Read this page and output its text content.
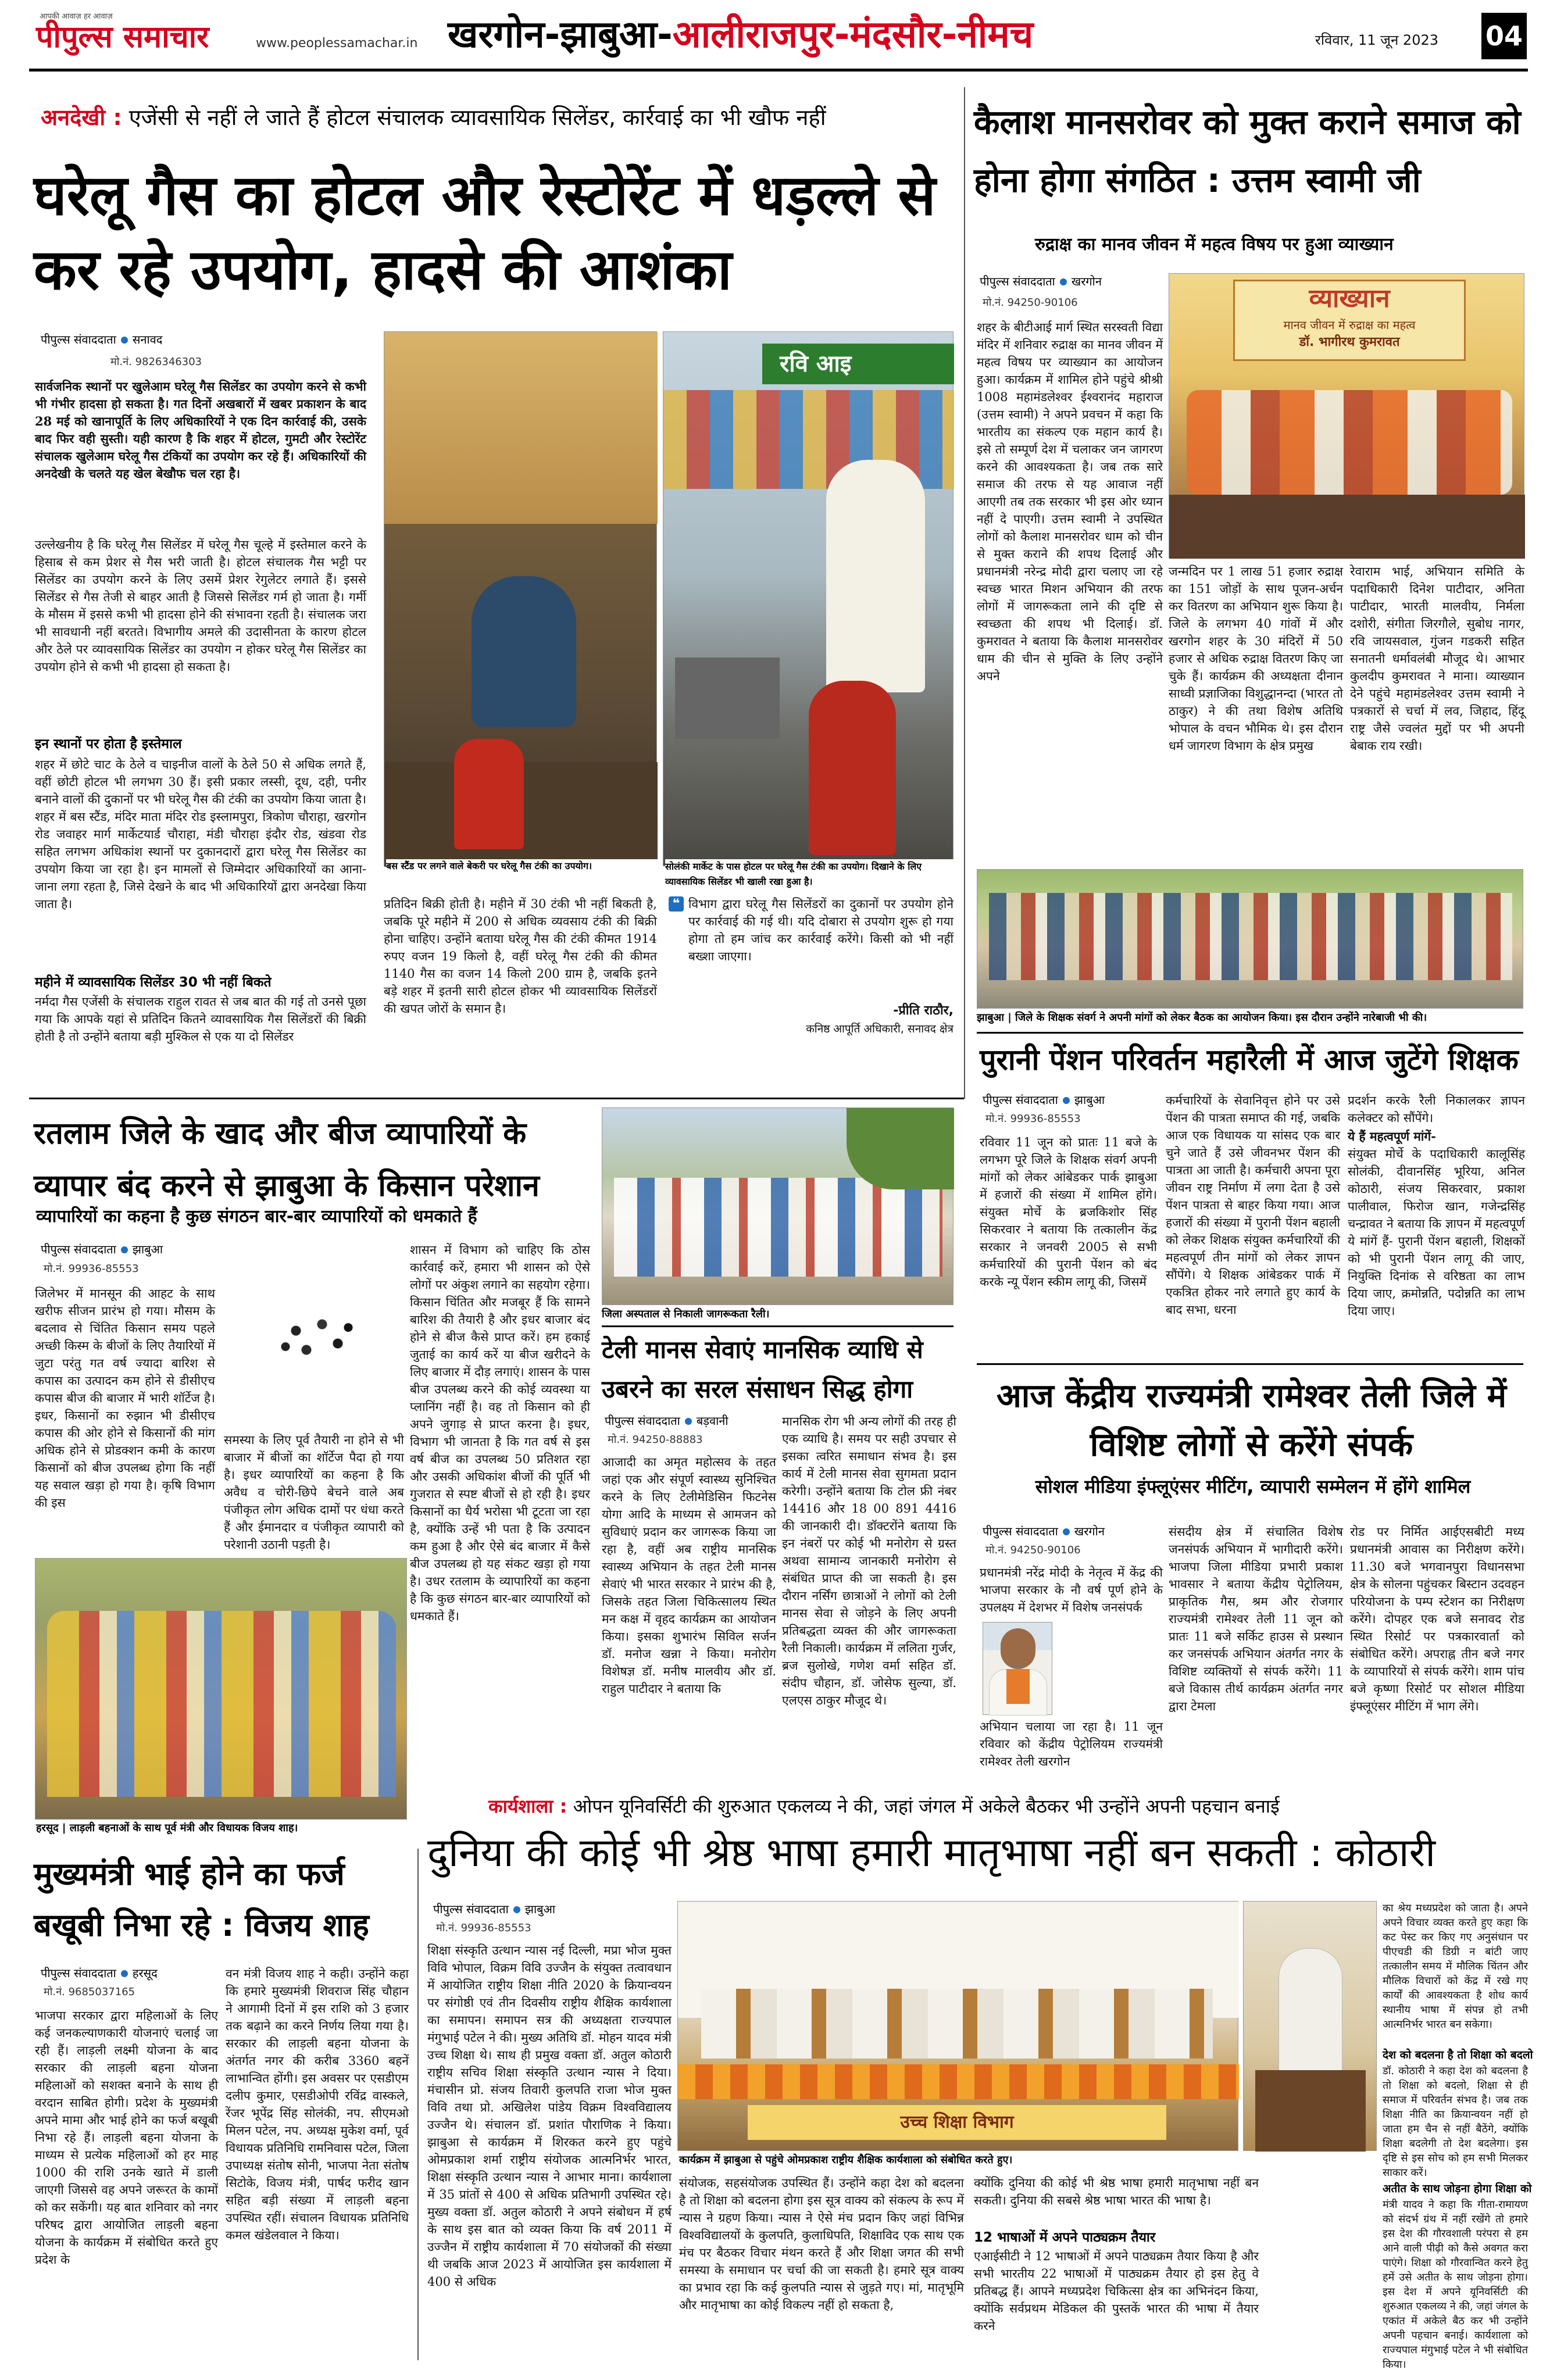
आपकी आवाज़ हर आवाज़
पीपुल्स समाचार	www.peoplessamachar.in खरगोन-झाबुआ-आलीराजपुर-मंदसौर-नीमच	रविवार, 11 जून 2023 04
अनदेखी : एजेंसी से नहीं ले जाते हैं होटल संचालक व्यावसायिक सिलेंडर, कार्रवाई का भी खौफ नहीं
घरेलू गैस का होटल और रेस्टोरेंट में धड़ल्ले से कर रहे उपयोग, हादसे की आशंका
पीपुल्स संवाददाता सनावद
मो.नं. 9826346303
सार्वजनिक स्थानों पर खुलेआम घरेलू गैस सिलेंडर का उपयोग करने से कभी भी गंभीर हादसा हो सकता है। गत दिनों अखबारों में खबर प्रकाशन के बाद 28 मई को खानापूर्ति के लिए अधिकारियों ने एक दिन कार्रवाई की, उसके बाद फिर वही सुस्ती। यही कारण है कि शहर में होटल, गुमटी और रेस्टोरेंट संचालक खुलेआम घरेलू गैस टंकियों का उपयोग कर रहे हैं। अधिकारियों की अनदेखी के चलते यह खेल बेखौफ चल रहा है।
उल्लेखनीय है कि घरेलू गैस सिलेंडर में घरेलू गैस चूल्हे में इस्तेमाल करने के हिसाब से कम प्रेशर से गैस भरी जाती है। होटल संचालक गैस भट्टी पर सिलेंडर का उपयोग करने के लिए उसमें प्रेशर रेगुलेटर लगाते हैं। इससे सिलेंडर से गैस तेजी से बाहर आती है जिससे सिलेंडर गर्म हो जाता है। गर्मी के मौसम में इससे कभी भी हादसा होने की संभावना रहती है। संचालक जरा भी सावधानी नहीं बरतते। विभागीय अमले की उदासीनता के कारण होटल और ठेले पर व्यावसायिक सिलेंडर का उपयोग न होकर घरेलू गैस सिलेंडर का उपयोग होने से कभी भी हादसा हो सकता है।
इन स्थानों पर होता है इस्तेमाल
शहर में छोटे चाट के ठेले व चाइनीज वालों के ठेले 50 से अधिक लगते हैं, वहीं छोटी होटल भी लगभग 30 हैं। इसी प्रकार लस्सी, दूध, दही, पनीर बनाने वालों की दुकानों पर भी घरेलू गैस की टंकी का उपयोग किया जाता है। शहर में बस स्टैंड, मंदिर माता मंदिर रोड इस्लामपुरा, त्रिकोण चौराहा, खरगोन रोड जवाहर मार्ग मार्केटयार्ड चौराहा, मंडी चौराहा इंदौर रोड, खंडवा रोड सहित लगभग अधिकांश स्थानों पर दुकानदारों द्वारा घरेलू गैस सिलेंडर का उपयोग किया जा रहा है। इन मामलों से जिम्मेदार अधिकारियों का आना-जाना लगा रहता है, जिसे देखने के बाद भी अधिकारियों द्वारा अनदेखा किया जाता है।
महीने में व्यावसायिक सिलेंडर 30 भी नहीं बिकते
नर्मदा गैस एजेंसी के संचालक राहुल रावत से जब बात की गई तो उनसे पूछा गया कि आपके यहां से प्रतिदिन कितने व्यावसायिक गैस सिलेंडरों की बिक्री होती है तो उन्होंने बताया बड़ी मुश्किल से एक या दो सिलेंडर
बस स्टैंड पर लगने वाले बेकरी पर घरेलू गैस टंकी का उपयोग।
रवि आइ
सोलंकी मार्केट के पास होटल पर घरेलू गैस टंकी का उपयोग। दिखाने के लिए व्यावसायिक सिलेंडर भी खाली रखा हुआ है।
प्रतिदिन बिक्री होती है। महीने में 30 टंकी भी नहीं बिकती है, जबकि पूरे महीने में 200 से अधिक व्यवसाय टंकी की बिक्री होना चाहिए। उन्होंने बताया घरेलू गैस की टंकी कीमत 1914 रुपए वजन 19 किलो है, वहीं घरेलू गैस टंकी की कीमत 1140 गैस का वजन 14 किलो 200 ग्राम है, जबकि इतने बड़े शहर में इतनी सारी होटल होकर भी व्यावसायिक सिलेंडरों की खपत जोरों के समान है।
❝ विभाग द्वारा घरेलू गैस सिलेंडरों का दुकानों पर उपयोग होने पर कार्रवाई की गई थी। यदि दोबारा से उपयोग शुरू हो गया होगा तो हम जांच कर कार्रवाई करेंगे। किसी को भी नहीं बख्शा जाएगा।
-प्रीति राठौर,
कनिष्ठ आपूर्ति अधिकारी, सनावद क्षेत्र
कैलाश मानसरोवर को मुक्त कराने समाज को होना होगा संगठित : उत्तम स्वामी जी
रुद्राक्ष का मानव जीवन में महत्व विषय पर हुआ व्याख्यान
पीपुल्स संवाददाता खरगोन
मो.नं. 94250-90106
शहर के बीटीआई मार्ग स्थित सरस्वती विद्या मंदिर में शनिवार रुद्राक्ष का मानव जीवन में महत्व विषय पर व्याख्यान का आयोजन हुआ। कार्यक्रम में शामिल होने पहुंचे श्रीश्री 1008 महामंडलेश्वर ईश्वरानंद महाराज (उत्तम स्वामी) ने अपने प्रवचन में कहा कि भारतीय का संकल्प एक महान कार्य है। इसे तो सम्पूर्ण देश में चलाकर जन जागरण करने की आवश्यकता है। जब तक सारे समाज की तरफ से यह आवाज नहीं आएगी तब तक सरकार भी इस ओर ध्यान नहीं दे पाएगी। उत्तम स्वामी ने उपस्थित लोगों को कैलाश मानसरोवर धाम को चीन से मुक्त कराने की शपथ दिलाई और प्रधानमंत्री नरेन्द्र मोदी द्वारा चलाए जा रहे स्वच्छ भारत मिशन अभियान की तरफ लोगों में जागरूकता लाने की दृष्टि से स्वच्छता की शपथ भी दिलाई। डॉ. कुमरावत ने बताया कि कैलाश मानसरोवर धाम की चीन से मुक्ति के लिए उन्होंने अपने
व्याख्यान
मानव जीवन में रुद्राक्ष का महत्व
डॉ. भागीरथ कुमरावत
जन्मदिन पर 1 लाख 51 हजार रुद्राक्ष का 151 जोड़ों के साथ पूजन-अर्चन कर वितरण का अभियान शुरू किया है। जिले के लगभग 40 गांवों में और खरगोन शहर के 30 मंदिरों में 50 हजार से अधिक रुद्राक्ष वितरण किए जा चुके हैं। कार्यक्रम की अध्यक्षता दीनान साध्वी प्रज्ञाजिका विशुद्धानन्दा (भारत तो ठाकुर) ने की तथा विशेष अतिथि भोपाल के वचन भौमिक थे। इस दौरान धर्म जागरण विभाग के क्षेत्र प्रमुख
रेवाराम भाई, अभियान समिति के पदाधिकारी दिनेश पाटीदार, अनिता पाटीदार, भारती मालवीय, निर्मला दशोरी, संगीता जिरगौले, सुबोध नागर, रवि जायसवाल, गुंजन गडकरी सहित सनातनी धर्मावलंबी मौजूद थे। आभार कुलदीप कुमरावत ने माना। व्याख्यान देने पहुंचे महामंडलेश्वर उत्तम स्वामी ने पत्रकारों से चर्चा में लव, जिहाद, हिंदू राष्ट्र जैसे ज्वलंत मुद्दों पर भी अपनी बेबाक राय रखी।
झाबुआ | जिले के शिक्षक संवर्ग ने अपनी मांगों को लेकर बैठक का आयोजन किया। इस दौरान उन्होंने नारेबाजी भी की।
पुरानी पेंशन परिवर्तन महारैली में आज जुटेंगे शिक्षक
पीपुल्स संवाददाता झाबुआ
मो.नं. 99936-85553
रविवार 11 जून को प्रातः 11 बजे के लगभग पूरे जिले के शिक्षक संवर्ग अपनी मांगों को लेकर आंबेडकर पार्क झाबुआ में हजारों की संख्या में शामिल होंगे। संयुक्त मोर्चे के ब्रजकिशोर सिंह सिकरवार ने बताया कि तत्कालीन केंद्र सरकार ने जनवरी 2005 से सभी कर्मचारियों की पुरानी पेंशन को बंद करके न्यू पेंशन स्कीम लागू की, जिसमें
कर्मचारियों के सेवानिवृत्त होने पर उसे पेंशन की पात्रता समाप्त की गई, जबकि आज एक विधायक या सांसद एक बार चुने जाते हैं उसे जीवनभर पेंशन की पात्रता आ जाती है। कर्मचारी अपना पूरा जीवन राष्ट्र निर्माण में लगा देता है उसे पेंशन पात्रता से बाहर किया गया। आज हजारों की संख्या में पुरानी पेंशन बहाली को लेकर शिक्षक संयुक्त कर्मचारियों की महत्वपूर्ण तीन मांगों को लेकर ज्ञापन सौंपेंगे। ये शिक्षक आंबेडकर पार्क में एकत्रित होकर नारे लगाते हुए कार्य के बाद सभा, धरना
प्रदर्शन करके रैली निकालकर ज्ञापन कलेक्टर को सौंपेंगे।
ये हैं महत्वपूर्ण मांगें-
संयुक्त मोर्चे के पदाधिकारी कालूसिंह सोलंकी, दीवानसिंह भूरिया, अनिल कोठारी, संजय सिकरवार, प्रकाश पालीवाल, फिरोज खान, गजेन्द्रसिंह चन्द्रावत ने बताया कि ज्ञापन में महत्वपूर्ण ये मांगें हैं- पुरानी पेंशन बहाली, शिक्षकों को भी पुरानी पेंशन लागू की जाए, नियुक्ति दिनांक से वरिष्ठता का लाभ दिया जाए, क्रमोन्नति, पदोन्नति का लाभ दिया जाए।
रतलाम जिले के खाद और बीज व्यापारियों के व्यापार बंद करने से झाबुआ के किसान परेशान
व्यापारियों का कहना है कुछ संगठन बार-बार व्यापारियों को धमकाते हैं
पीपुल्स संवाददाता झाबुआ
मो.नं. 99936-85553
जिलेभर में मानसून की आहट के साथ खरीफ सीजन प्रारंभ हो गया। मौसम के बदलाव से चिंतित किसान समय पहले अच्छी किस्म के बीजों के लिए तैयारियों में जुटा परंतु गत वर्ष ज्यादा बारिश से कपास का उत्पादन कम होने से डीसीएच कपास बीज की बाजार में भारी शॉर्टेज है। इधर, किसानों का रुझान भी डीसीएच कपास की ओर होने से किसानों की मांग अधिक होने से प्रोडक्शन कमी के कारण किसानों को बीज उपलब्ध होगा कि नहीं यह सवाल खड़ा हो गया है। कृषि विभाग की इस
समस्या के लिए पूर्व तैयारी ना होने से भी बाजार में बीजों का शॉर्टेज पैदा हो गया है। इधर व्यापारियों का कहना है कि अवैध व चोरी-छिपे बेचने वाले अब पंजीकृत लोग अधिक दामों पर धंधा करते हैं और ईमानदार व पंजीकृत व्यापारी को परेशानी उठानी पड़ती है।
शासन में विभाग को चाहिए कि ठोस कार्रवाई करें, हमारा भी शासन को ऐसे लोगों पर अंकुश लगाने का सहयोग रहेगा। किसान चिंतित और मजबूर हैं कि सामने बारिश की तैयारी है और इधर बाजार बंद होने से बीज कैसे प्राप्त करें। हम हकाई जुताई का कार्य करें या बीज खरीदने के लिए बाजार में दौड़ लगाएं। शासन के पास बीज उपलब्ध करने की कोई व्यवस्था या प्लानिंग नहीं है। वह तो किसान को ही अपने जुगाड़ से प्राप्त करना है। इधर, विभाग भी जानता है कि गत वर्ष से इस वर्ष बीज का उपलब्ध 50 प्रतिशत रहा और उसकी अधिकांश बीजों की पूर्ति भी गुजरात से स्पष्ट बीजों से हो रही है। इधर किसानों का धैर्य भरोसा भी टूटता जा रहा है, क्योंकि उन्हें भी पता है कि उत्पादन कम हुआ है और ऐसे बंद बाजार में कैसे बीज उपलब्ध हो यह संकट खड़ा हो गया है। उधर रतलाम के व्यापारियों का कहना है कि कुछ संगठन बार-बार व्यापारियों को धमकाते हैं।
हरसूद | लाड़ली बहनाओं के साथ पूर्व मंत्री और विधायक विजय शाह।
जिला अस्पताल से निकाली जागरूकता रैली।
टेली मानस सेवाएं मानसिक व्याधि से उबरने का सरल संसाधन सिद्ध होगा
पीपुल्स संवाददाता बड़वानी
मो.नं. 94250-88883
आजादी का अमृत महोत्सव के तहत जहां एक और संपूर्ण स्वास्थ्य सुनिश्चित करने के लिए टेलीमेडिसिन फिटनेस योगा आदि के माध्यम से आमजन को सुविधाएं प्रदान कर जागरूक किया जा रहा है, वहीं अब राष्ट्रीय मानसिक स्वास्थ्य अभियान के तहत टेली मानस सेवाएं भी भारत सरकार ने प्रारंभ की है, जिसके तहत जिला चिकित्सालय स्थित मन कक्ष में वृहद कार्यक्रम का आयोजन किया। इसका शुभारंभ सिविल सर्जन डॉ. मनोज खन्ना ने किया। मनोरोग विशेषज्ञ डॉ. मनीष मालवीय और डॉ. राहुल पाटीदार ने बताया कि
मानसिक रोग भी अन्य लोगों की तरह ही एक व्याधि है। समय पर सही उपचार से इसका त्वरित समाधान संभव है। इस कार्य में टेली मानस सेवा सुगमता प्रदान करेगी। उन्होंने बताया कि टोल फ्री नंबर 14416 और 18 00 891 4416 की जानकारी दी। डॉक्टरोंने बताया कि इन नंबरों पर कोई भी मनोरोग से ग्रस्त अथवा सामान्य जानकारी मनोरोग से संबंधित प्राप्त की जा सकती है। इस दौरान नर्सिंग छात्राओं ने लोगों को टेली मानस सेवा से जोड़ने के लिए अपनी प्रतिबद्धता व्यक्त की और जागरूकता रैली निकाली। कार्यक्रम में ललिता गुर्जर, ब्रज सुलोखे, गणेश वर्मा सहित डॉ. संदीप चौहान, डॉ. जोसेफ सुल्या, डॉ. एलएस ठाकुर मौजूद थे।
आज केंद्रीय राज्यमंत्री रामेश्वर तेली जिले में विशिष्ट लोगों से करेंगे संपर्क
सोशल मीडिया इंफ्लूएंसर मीटिंग, व्यापारी सम्मेलन में होंगे शामिल
पीपुल्स संवाददाता खरगोन
मो.नं. 94250-90106
प्रधानमंत्री नरेंद्र मोदी के नेतृत्व में केंद्र की भाजपा सरकार के नौ वर्ष पूर्ण होने के उपलक्ष्य में देशभर में विशेष जनसंपर्क
अभियान चलाया जा रहा है। 11 जून रविवार को केंद्रीय पेट्रोलियम राज्यमंत्री रामेश्वर तेली खरगोन
संसदीय क्षेत्र में संचालित विशेष जनसंपर्क अभियान में भागीदारी करेंगे। भाजपा जिला मीडिया प्रभारी प्रकाश भावसार ने बताया केंद्रीय पेट्रोलियम, प्राकृतिक गैस, श्रम और रोजगार राज्यमंत्री रामेश्वर तेली 11 जून को प्रातः 11 बजे सर्किट हाउस से प्रस्थान कर जनसंपर्क अभियान अंतर्गत नगर के विशिष्ट व्यक्तियों से संपर्क करेंगे। 11 बजे विकास तीर्थ कार्यक्रम अंतर्गत नगर द्वारा टेमला
रोड पर निर्मित आईएसबीटी मध्य प्रधानमंत्री आवास का निरीक्षण करेंगे। 11.30 बजे भगवानपुरा विधानसभा क्षेत्र के सोलना पहुंचकर बिस्टान उदवहन परियोजना के पम्प स्टेशन का निरीक्षण करेंगे। दोपहर एक बजे सनावद रोड स्थित रिसोर्ट पर पत्रकारवार्ता को संबोधित करेंगे। अपराह्न तीन बजे नगर के व्यापारियों से संपर्क करेंगे। शाम पांच बजे कृष्णा रिसोर्ट पर सोशल मीडिया इंफ्लूएंसर मीटिंग में भाग लेंगे।
मुख्यमंत्री भाई होने का फर्ज बखूबी निभा रहे : विजय शाह
पीपुल्स संवाददाता हरसूद
मो.नं. 9685037165
भाजपा सरकार द्वारा महिलाओं के लिए कई जनकल्याणकारी योजनाएं चलाई जा रही हैं। लाड़ली लक्ष्मी योजना के बाद सरकार की लाड़ली बहना योजना महिलाओं को सशक्त बनाने के साथ ही वरदान साबित होगी। प्रदेश के मुख्यमंत्री अपने मामा और भाई होने का फर्ज बखूबी निभा रहे हैं। लाड़ली बहना योजना के माध्यम से प्रत्येक महिलाओं को हर माह 1000 की राशि उनके खाते में डाली जाएगी जिससे वह अपने जरूरत के कामों को कर सकेंगी। यह बात शनिवार को नगर परिषद द्वारा आयोजित लाड़ली बहना योजना के कार्यक्रम में संबोधित करते हुए प्रदेश के
वन मंत्री विजय शाह ने कही। उन्होंने कहा कि हमारे मुख्यमंत्री शिवराज सिंह चौहान ने आगामी दिनों में इस राशि को 3 हजार तक बढ़ाने का करने निर्णय लिया गया है। सरकार की लाड़ली बहना योजना के अंतर्गत नगर की करीब 3360 बहनें लाभान्वित होंगी। इस अवसर पर एसडीएम दलीप कुमार, एसडीओपी रविंद्र वास्कले, रेंजर भूपेंद्र सिंह सोलंकी, नप. सीएमओ मिलन पटेल, नप. अध्यक्ष मुकेश वर्मा, पूर्व विधायक प्रतिनिधि रामनिवास पटेल, जिला उपाध्यक्ष संतोष सोनी, भाजपा नेता संतोष सिटोके, विजय मंत्री, पार्षद फरीद खान सहित बड़ी संख्या में लाड़ली बहना उपस्थित रहीं। संचालन विधायक प्रतिनिधि कमल खंडेलवाल ने किया।
कार्यशाला : ओपन यूनिवर्सिटी की शुरुआत एकलव्य ने की, जहां जंगल में अकेले बैठकर भी उन्होंने अपनी पहचान बनाई
दुनिया की कोई भी श्रेष्ठ भाषा हमारी मातृभाषा नहीं बन सकती : कोठारी
पीपुल्स संवाददाता झाबुआ
मो.नं. 99936-85553
शिक्षा संस्कृति उत्थान न्यास नई दिल्ली, मप्रा भोज मुक्त विवि भोपाल, विक्रम विवि उज्जैन के संयुक्त तत्वावधान में आयोजित राष्ट्रीय शिक्षा नीति 2020 के क्रियान्वयन पर संगोष्ठी एवं तीन दिवसीय राष्ट्रीय शैक्षिक कार्यशाला का समापन। समापन सत्र की अध्यक्षता राज्यपाल मंगुभाई पटेल ने की। मुख्य अतिथि डॉ. मोहन यादव मंत्री उच्च शिक्षा थे। साथ ही प्रमुख वक्ता डॉ. अतुल कोठारी राष्ट्रीय सचिव शिक्षा संस्कृति उत्थान न्यास ने दिया। मंचासीन प्रो. संजय तिवारी कुलपति राजा भोज मुक्त विवि तथा प्रो. अखिलेश पांडेय विक्रम विश्वविद्यालय उज्जैन थे। संचालन डॉ. प्रशांत पौराणिक ने किया। झाबुआ से कार्यक्रम में शिरकत करने हुए पहुंचे ओमप्रकाश शर्मा राष्ट्रीय संयोजक आत्मनिर्भर भारत, शिक्षा संस्कृति उत्थान न्यास ने आभार माना। कार्यशाला में 35 प्रांतों से 400 से अधिक प्रतिभागी उपस्थित रहे। मुख्य वक्ता डॉ. अतुल कोठारी ने अपने संबोधन में हर्ष के साथ इस बात को व्यक्त किया कि वर्ष 2011 में उज्जैन में राष्ट्रीय कार्यशाला में 70 संयोजकों की संख्या थी जबकि आज 2023 में आयोजित इस कार्यशाला में 400 से अधिक
उच्च शिक्षा विभाग
कार्यक्रम में झाबुआ से पहुंचे ओमप्रकाश राष्ट्रीय शैक्षिक कार्यशाला को संबोधित करते हुए।
संयोजक, सहसंयोजक उपस्थित हैं। उन्होंने कहा देश को बदलना है तो शिक्षा को बदलना होगा इस सूत्र वाक्य को संकल्प के रूप में न्यास ने ग्रहण किया। न्यास ने ऐसे मंच प्रदान किए जहां विभिन्न विश्वविद्यालयों के कुलपति, कुलाधिपति, शिक्षाविद एक साथ एक मंच पर बैठकर विचार मंथन करते हैं और शिक्षा जगत की सभी समस्या के समाधान पर चर्चा की जा सकती है। हमारे सूत्र वाक्य का प्रभाव रहा कि कई कुलपति न्यास से जुड़ते गए। मां, मातृभूमि और मातृभाषा का कोई विकल्प नहीं हो सकता है,
क्योंकि दुनिया की कोई भी श्रेष्ठ भाषा हमारी मातृभाषा नहीं बन सकती। दुनिया की सबसे श्रेष्ठ भाषा भारत की भाषा है।
12 भाषाओं में अपने पाठ्यक्रम तैयार
एआईसीटी ने 12 भाषाओं में अपने पाठ्यक्रम तैयार किया है और सभी भारतीय 22 भाषाओं में पाठ्यक्रम तैयार हो इस हेतु वे प्रतिबद्ध हैं। आपने मध्यप्रदेश चिकित्सा क्षेत्र का अभिनंदन किया, क्योंकि सर्वप्रथम मेडिकल की पुस्तकें भारत की भाषा में तैयार करने
का श्रेय मध्यप्रदेश को जाता है। अपने अपने विचार व्यक्त करते हुए कहा कि कट पेस्ट कर किए गए अनुसंधान पर पीएचडी की डिग्री न बांटी जाए तत्कालीन समय में मौलिक चिंतन और मौलिक विचारों को केंद्र में रखे गए कार्यों की आवश्यकता है शोध कार्य स्थानीय भाषा में संपन्न हो तभी आत्मनिर्भर भारत बन सकेगा।
देश को बदलना है तो शिक्षा को बदलो
डॉ. कोठारी ने कहा देश को बदलना है तो शिक्षा को बदलो, शिक्षा से ही समाज में परिवर्तन संभव है। जब तक शिक्षा नीति का क्रियान्वयन नहीं हो जाता हम चैन से नहीं बैठेंगे, क्योंकि शिक्षा बदलेगी तो देश बदलेगा। इस दृष्टि से इस सोच को हम सभी मिलकर साकार करें।
अतीत के साथ जोड़ना होगा शिक्षा को
मंत्री यादव ने कहा कि गीता-रामायण को संदर्भ ग्रंथ में नहीं रखेंगे तो हमारे इस देश की गौरवशाली परंपरा से हम आने वाली पीढ़ी को कैसे अवगत करा पाएंगे। शिक्षा को गौरवान्वित करने हेतु हमें उसे अतीत के साथ जोड़ना होगा। इस देश में अपने यूनिवर्सिटी की शुरुआत एकलव्य ने की, जहां जंगल के एकांत में अकेले बैठ कर भी उन्होंने अपनी पहचान बनाई। कार्यशाला को राज्यपाल मंगुभाई पटेल ने भी संबोधित किया।
